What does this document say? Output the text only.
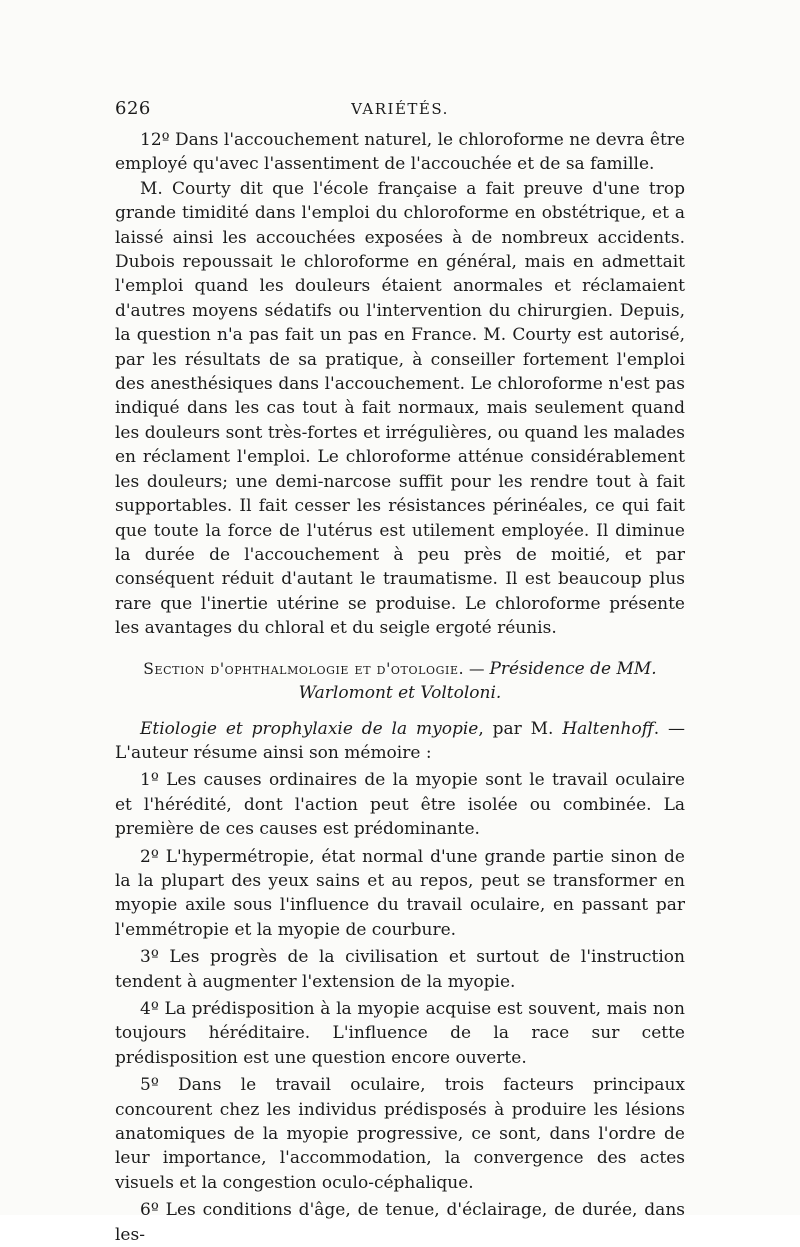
626	VARIÉTÉS.

12º Dans l'accouchement naturel, le chloroforme ne devra être employé qu'avec l'assentiment de l'accouchée et de sa famille.

M. Courty dit que l'école française a fait preuve d'une trop grande timidité dans l'emploi du chloroforme en obstétrique, et a laissé ainsi les accouchées exposées à de nombreux accidents. Dubois repoussait le chloroforme en général, mais en admettait l'emploi quand les douleurs étaient anormales et réclamaient d'autres moyens sédatifs ou l'intervention du chirurgien. Depuis, la question n'a pas fait un pas en France. M. Courty est autorisé, par les résultats de sa pratique, à conseiller fortement l'emploi des anesthésiques dans l'accouchement. Le chloroforme n'est pas indiqué dans les cas tout à fait normaux, mais seulement quand les douleurs sont très-fortes et irrégulières, ou quand les malades en réclament l'emploi. Le chloroforme atténue considérablement les douleurs; une demi-narcose suffit pour les rendre tout à fait supportables. Il fait cesser les résistances périnéales, ce qui fait que toute la force de l'utérus est utilement employée. Il diminue la durée de l'accouchement à peu près de moitié, et par conséquent réduit d'autant le traumatisme. Il est beaucoup plus rare que l'inertie utérine se produise. Le chloroforme présente les avantages du chloral et du seigle ergoté réunis.

Section d'ophthalmologie et d'otologie. — Présidence de MM. Warlomont et Voltoloni.

Etiologie et prophylaxie de la myopie, par M. Haltenhoff. — L'auteur résume ainsi son mémoire :

1º Les causes ordinaires de la myopie sont le travail oculaire et l'hérédité, dont l'action peut être isolée ou combinée. La première de ces causes est prédominante.

2º L'hypermétropie, état normal d'une grande partie sinon de la la plupart des yeux sains et au repos, peut se transformer en myopie axile sous l'influence du travail oculaire, en passant par l'emmétropie et la myopie de courbure.

3º Les progrès de la civilisation et surtout de l'instruction tendent à augmenter l'extension de la myopie.

4º La prédisposition à la myopie acquise est souvent, mais non toujours héréditaire. L'influence de la race sur cette prédisposition est une question encore ouverte.

5º Dans le travail oculaire, trois facteurs principaux concourent chez les individus prédisposés à produire les lésions anatomiques de la myopie progressive, ce sont, dans l'ordre de leur importance, l'accommodation, la convergence des actes visuels et la congestion oculo-céphalique.

6º Les conditions d'âge, de tenue, d'éclairage, de durée, dans les-
